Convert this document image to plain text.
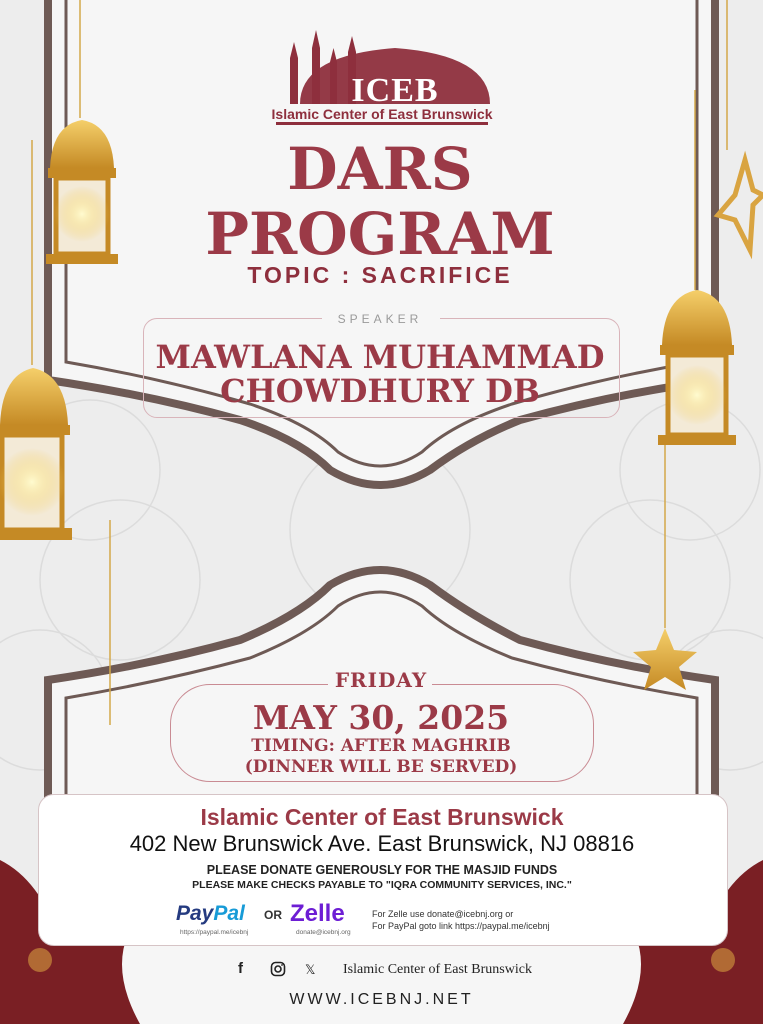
ICEB
Islamic Center of East Brunswick
DARS
PROGRAM
TOPIC : SACRIFICE
SPEAKER
MAWLANA MUHAMMAD
CHOWDHURY DB
FRIDAY
MAY 30, 2025
TIMING: AFTER MAGHRIB
(DINNER WILL BE SERVED)
Islamic Center of East Brunswick
402 New Brunswick Ave. East Brunswick, NJ 08816
PLEASE DONATE GENEROUSLY FOR THE MASJID FUNDS
PLEASE MAKE CHECKS PAYABLE TO "IQRA COMMUNITY SERVICES, INC."
PayPal
https://paypal.me/icebnj
OR Zelle
donate@icebnj.org
For Zelle use donate@icebnj.org or
For PayPal goto link https://paypal.me/icebnj
f	𝕏 Islamic Center of East Brunswick
WWW.ICEBNJ.NET
